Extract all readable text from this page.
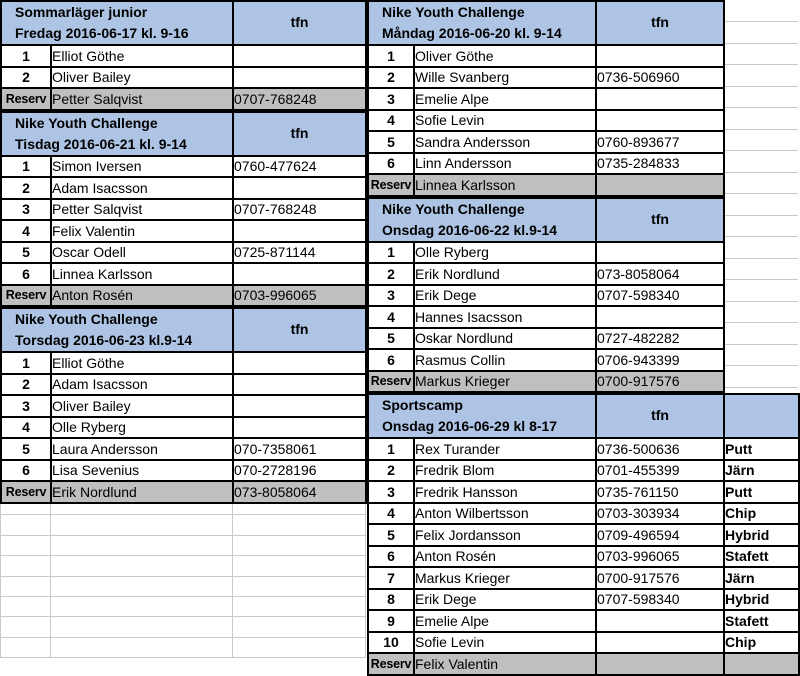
Sommarläger junior
Fredag 2016-06-17 kl. 9-16		tfn

1	Elliot Göthe	
2	Oliver Bailey	
Reserv	Petter Salqvist	0707-768248
Nike Youth Challenge
Tisdag 2016-06-21 kl. 9-14		tfn

1	Simon Iversen	0760-477624
2	Adam Isacsson	
3	Petter Salqvist	0707-768248
4	Felix Valentin	
5	Oscar Odell	0725-871144
6	Linnea Karlsson	
Reserv	Anton Rosén	0703-996065
Nike Youth Challenge
Torsdag 2016-06-23 kl.9-14		tfn

1	Elliot Göthe	
2	Adam Isacsson	
3	Oliver Bailey	
4	Olle Ryberg	
5	Laura Andersson	070-7358061
6	Lisa Sevenius	070-2728196
Reserv	Erik Nordlund	073-8058064
Nike Youth Challenge
Måndag 2016-06-20 kl. 9-14		tfn

1	Oliver Göthe	
2	Wille Svanberg	0736-506960
3	Emelie Alpe	
4	Sofie Levin	
5	Sandra Andersson	0760-893677
6	Linn Andersson	0735-284833
Reserv	Linnea Karlsson	
Nike Youth Challenge
Onsdag 2016-06-22 kl.9-14		tfn

1	Olle Ryberg	
2	Erik Nordlund	073-8058064
3	Erik Dege	0707-598340
4	Hannes Isacsson	
5	Oskar Nordlund	0727-482282
6	Rasmus Collin	0706-943399
Reserv	Markus Krieger	0700-917576
Sportscamp
Onsdag 2016-06-29 kl 8-17		tfn	

1	Rex Turander	0736-500636	Putt
2	Fredrik Blom	0701-455399	Järn
3	Fredrik Hansson	0735-761150	Putt
4	Anton Wilbertsson	0703-303934	Chip
5	Felix Jordansson	0709-496594	Hybrid
6	Anton Rosén	0703-996065	Stafett
7	Markus Krieger	0700-917576	Järn
8	Erik Dege	0707-598340	Hybrid
9	Emelie Alpe		Stafett
10	Sofie Levin		Chip
Reserv	Felix Valentin		
